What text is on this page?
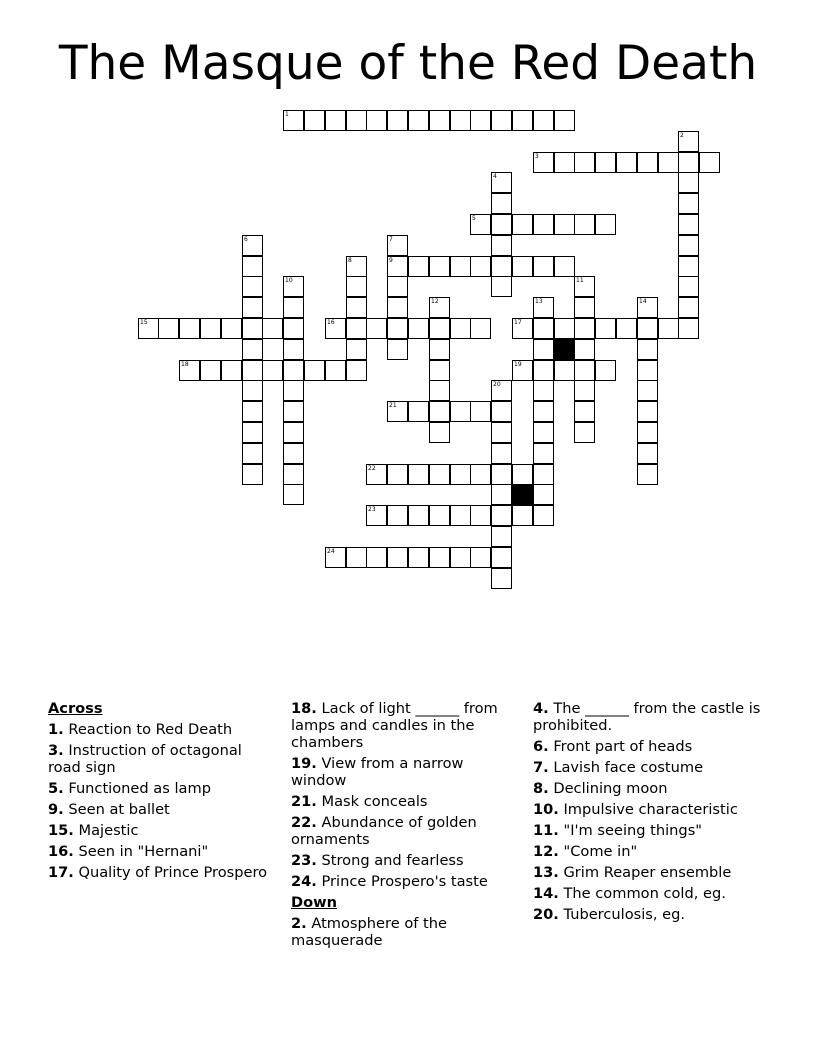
The Masque of the Red Death
1
3
5
9
15	16	17
18	19
21
22
23
24
2
4
6	7
8
10	11
12	13	14
20
Across
1. Reaction to Red Death
3. Instruction of octagonal road sign
5. Functioned as lamp
9. Seen at ballet
15. Majestic
16. Seen in "Hernani"
17. Quality of Prince Prospero
18. Lack of light ______ from lamps and candles in the chambers
19. View from a narrow window
21. Mask conceals
22. Abundance of golden ornaments
23. Strong and fearless
24. Prince Prospero's taste
Down
2. Atmosphere of the masquerade
4. The ______ from the castle is prohibited.
6. Front part of heads
7. Lavish face costume
8. Declining moon
10. Impulsive characteristic
11. "I'm seeing things"
12. "Come in"
13. Grim Reaper ensemble
14. The common cold, eg.
20. Tuberculosis, eg.
